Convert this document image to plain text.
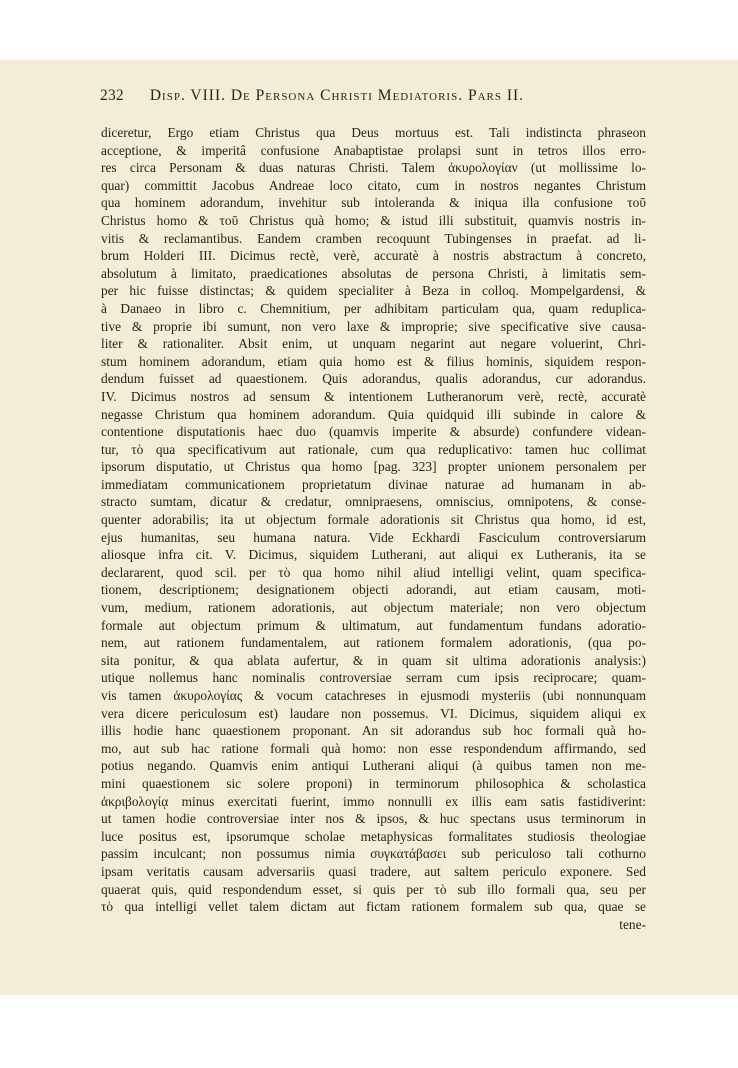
232 Disp. VIII. De Persona Christi Mediatoris. Pars II.
diceretur, Ergo etiam Christus qua Deus mortuus est. Tali indistincta phraseon
acceptione, & imperitâ confusione Anabaptistae prolapsi sunt in tetros illos erro-
res circa Personam & duas naturas Christi. Talem ἀκυρολογίαν (ut mollissime lo-
quar) committit Jacobus Andreae loco citato, cum in nostros negantes Christum
qua hominem adorandum, invehitur sub intoleranda & iniqua illa confusione τοῦ
Christus homo & τοῦ Christus quà homo; & istud illi substituit, quamvis nostris in-
vitis & reclamantibus. Eandem cramben recoquunt Tubingenses in praefat. ad li-
brum Holderi III. Dicimus rectè, verè, accuratè à nostris abstractum à concreto,
absolutum à limitato, praedicationes absolutas de persona Christi, à limitatis sem-
per hic fuisse distinctas; & quidem specialiter à Beza in colloq. Mompelgardensi, &
à Danaeo in libro c. Chemnitium, per adhibitam particulam qua, quam reduplica-
tive & proprie ibi sumunt, non vero laxe & improprie; sive specificative sive causa-
liter & rationaliter. Absit enim, ut unquam negarint aut negare voluerint, Chri-
stum hominem adorandum, etiam quia homo est & filius hominis, siquidem respon-
dendum fuisset ad quaestionem. Quis adorandus, qualis adorandus, cur adorandus.
IV. Dicimus nostros ad sensum & intentionem Lutheranorum verè, rectè, accuratè
negasse Christum qua hominem adorandum. Quia quidquid illi subinde in calore &
contentione disputationis haec duo (quamvis imperite & absurde) confundere videan-
tur, τὸ qua specificativum aut rationale, cum qua reduplicativo: tamen huc collimat
ipsorum disputatio, ut Christus qua homo [pag. 323] propter unionem personalem per
immediatam communicationem proprietatum divinae naturae ad humanam in ab-
stracto sumtam, dicatur & credatur, omnipraesens, omniscius, omnipotens, & conse-
quenter adorabilis; ita ut objectum formale adorationis sit Christus qua homo, id est,
ejus humanitas, seu humana natura. Vide Eckhardi Fasciculum controversiarum
aliosque infra cit. V. Dicimus, siquidem Lutherani, aut aliqui ex Lutheranis, ita se
declararent, quod scil. per τὸ qua homo nihil aliud intelligi velint, quam specifica-
tionem, descriptionem; designationem objecti adorandi, aut etiam causam, moti-
vum, medium, rationem adorationis, aut objectum materiale; non vero objectum
formale aut objectum primum & ultimatum, aut fundamentum fundans adoratio-
nem, aut rationem fundamentalem, aut rationem formalem adorationis, (qua po-
sita ponitur, & qua ablata aufertur, & in quam sit ultima adorationis analysis:)
utique nollemus hanc nominalis controversiae serram cum ipsis reciprocare; quam-
vis tamen ἀκυρολογίας & vocum catachreses in ejusmodi mysteriis (ubi nonnunquam
vera dicere periculosum est) laudare non possemus. VI. Dicimus, siquidem aliqui ex
illis hodie hanc quaestionem proponant. An sit adorandus sub hoc formali quà ho-
mo, aut sub hac ratione formali quà homo: non esse respondendum affirmando, sed
potius negando. Quamvis enim antiqui Lutherani aliqui (à quibus tamen non me-
mini quaestionem sic solere proponi) in terminorum philosophica & scholastica
ἀκριβολογίᾳ minus exercitati fuerint, immo nonnulli ex illis eam satis fastidiverint:
ut tamen hodie controversiae inter nos & ipsos, & huc spectans usus terminorum in
luce positus est, ipsorumque scholae metaphysicas formalitates studiosis theologiae
passim inculcant; non possumus nimia συγκατάβασει sub periculoso tali cothurno
ipsam veritatis causam adversariis quasi tradere, aut saltem periculo exponere. Sed
quaerat quis, quid respondendum esset, si quis per τὸ sub illo formali qua, seu per
τὸ qua intelligi vellet talem dictam aut fictam rationem formalem sub qua, quae se
tene-
